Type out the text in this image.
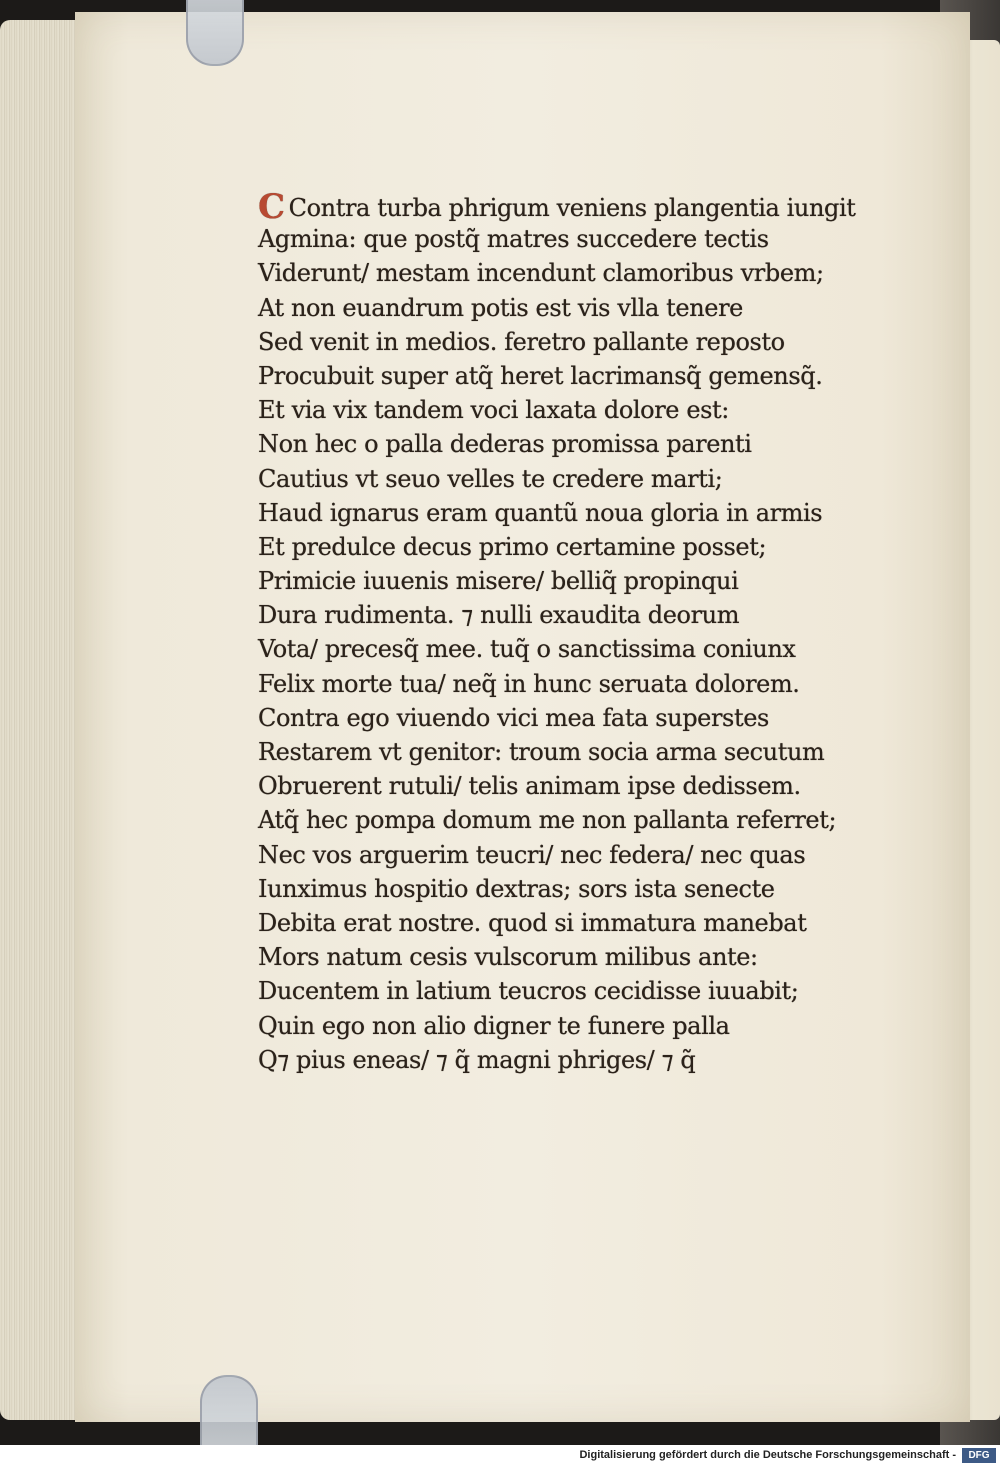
C Contra turba phrigum veniens plangentia iungit
Agmina: que postq̃ matres succedere tectis
Viderunt/ mestam incendunt clamoribus vrbem;
At non euandrum potis est vis vlla tenere
Sed venit in medios. feretro pallante reposto
Procubuit super atq̃ heret lacrimansq̃ gemensq̃.
Et via vix tandem voci laxata dolore est:
Non hec o palla dederas promissa parenti
Cautius vt seuo velles te credere marti;
Haud ignarus eram quantũ noua gloria in armis
Et predulce decus primo certamine posset;
Primicie iuuenis misere/ belliq̃ propinqui
Dura rudimenta. ⁊ nulli exaudita deorum
Vota/ precesq̃ mee. tuq̃ o sanctissima coniunx
Felix morte tua/ neq̃ in hunc seruata dolorem.
Contra ego viuendo vici mea fata superstes
Restarem vt genitor: troum socia arma secutum
Obruerent rutuli/ telis animam ipse dedissem.
Atq̃ hec pompa domum me non pallanta referret;
Nec vos arguerim teucri/ nec federa/ nec quas
Iunximus hospitio dextras; sors ista senecte
Debita erat nostre. quod si immatura manebat
Mors natum cesis vulscorum milibus ante:
Ducentem in latium teucros cecidisse iuuabit;
Quin ego non alio digner te funere palla
Q⁊ pius eneas/ ⁊ q̃ magni phriges/ ⁊ q̃
Digitalisierung gefördert durch die Deutsche Forschungsgemeinschaft -	DFG
